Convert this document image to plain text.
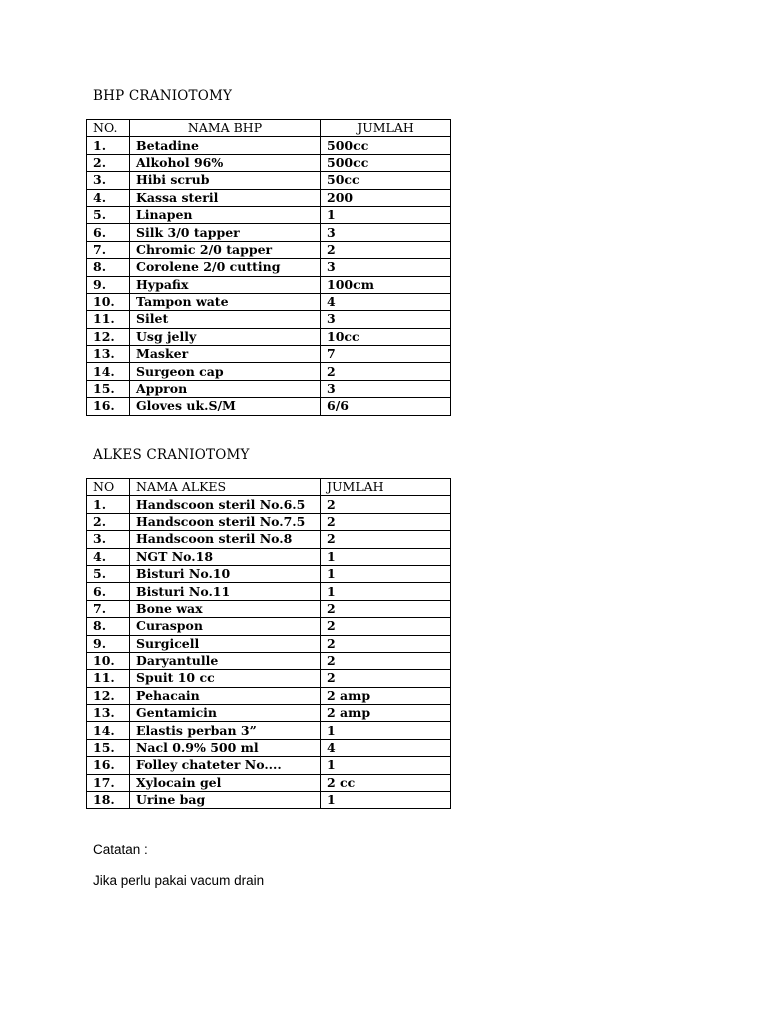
BHP CRANIOTOMY
NO.	NAMA BHP	JUMLAH
1.	Betadine	500cc
2.	Alkohol 96%	500cc
3.	Hibi scrub	50cc
4.	Kassa steril	200
5.	Linapen	1
6.	Silk 3/0 tapper	3
7.	Chromic 2/0 tapper	2
8.	Corolene 2/0 cutting	3
9.	Hypafix	100cm
10.	Tampon wate	4
11.	Silet	3
12.	Usg jelly	10cc
13.	Masker	7
14.	Surgeon cap	2
15.	Appron	3
16.	Gloves uk.S/M	6/6
ALKES CRANIOTOMY
NO	NAMA ALKES	JUMLAH
1.	Handscoon steril No.6.5	2
2.	Handscoon steril No.7.5	2
3.	Handscoon steril No.8	2
4.	NGT No.18	1
5.	Bisturi No.10	1
6.	Bisturi No.11	1
7.	Bone wax	2
8.	Curaspon	2
9.	Surgicell	2
10.	Daryantulle	2
11.	Spuit 10 cc	2
12.	Pehacain	2 amp
13.	Gentamicin	2 amp
14.	Elastis perban 3”	1
15.	Nacl 0.9% 500 ml	4
16.	Folley chateter No....	1
17.	Xylocain gel	2 cc
18.	Urine bag	1

Catatan :

Jika perlu pakai vacum drain
